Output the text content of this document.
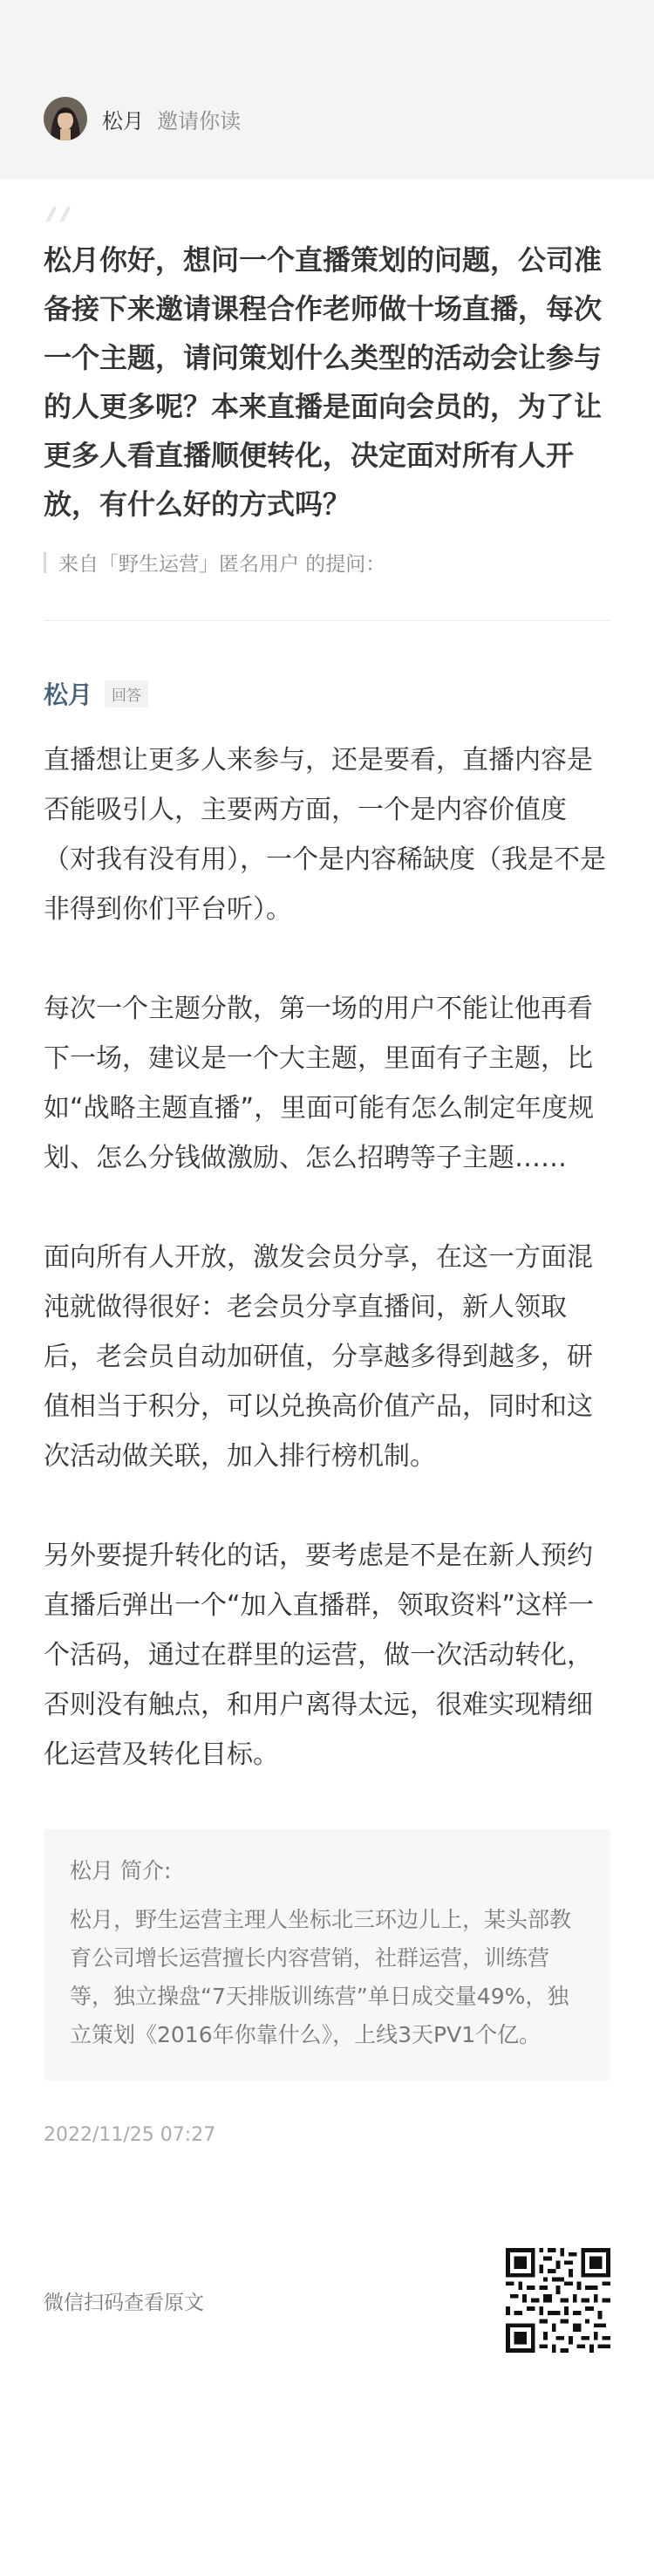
松月 邀请你读
松月你好，想问一个直播策划的问题，公司准备接下来邀请课程合作老师做十场直播，每次一个主题，请问策划什么类型的活动会让参与的人更多呢？本来直播是面向会员的，为了让更多人看直播顺便转化，决定面对所有人开放，有什么好的方式吗？
来自「野生运营」匿名用户 的提问：
松月	回答

直播想让更多人来参与，还是要看，直播内容是否能吸引人，主要两方面，一个是内容价值度（对我有没有用），一个是内容稀缺度（我是不是非得到你们平台听）。

每次一个主题分散，第一场的用户不能让他再看下一场，建议是一个大主题，里面有子主题，比如“战略主题直播”，里面可能有怎么制定年度规划、怎么分钱做激励、怎么招聘等子主题……

面向所有人开放，激发会员分享，在这一方面混沌就做得很好：老会员分享直播间，新人领取后，老会员自动加研值，分享越多得到越多，研值相当于积分，可以兑换高价值产品，同时和这次活动做关联，加入排行榜机制。

另外要提升转化的话，要考虑是不是在新人预约直播后弹出一个“加入直播群，领取资料”这样一个活码，通过在群里的运营，做一次活动转化，否则没有触点，和用户离得太远，很难实现精细化运营及转化目标。

松月 简介:
松月，野生运营主理人坐标北三环边儿上，某头部教育公司增长运营擅长内容营销，社群运营，训练营等，独立操盘“7天排版训练营”单日成交量49%，独立策划《2016年你靠什么》，上线3天PV1个亿。
2022/11/25 07:27
微信扫码查看原文
